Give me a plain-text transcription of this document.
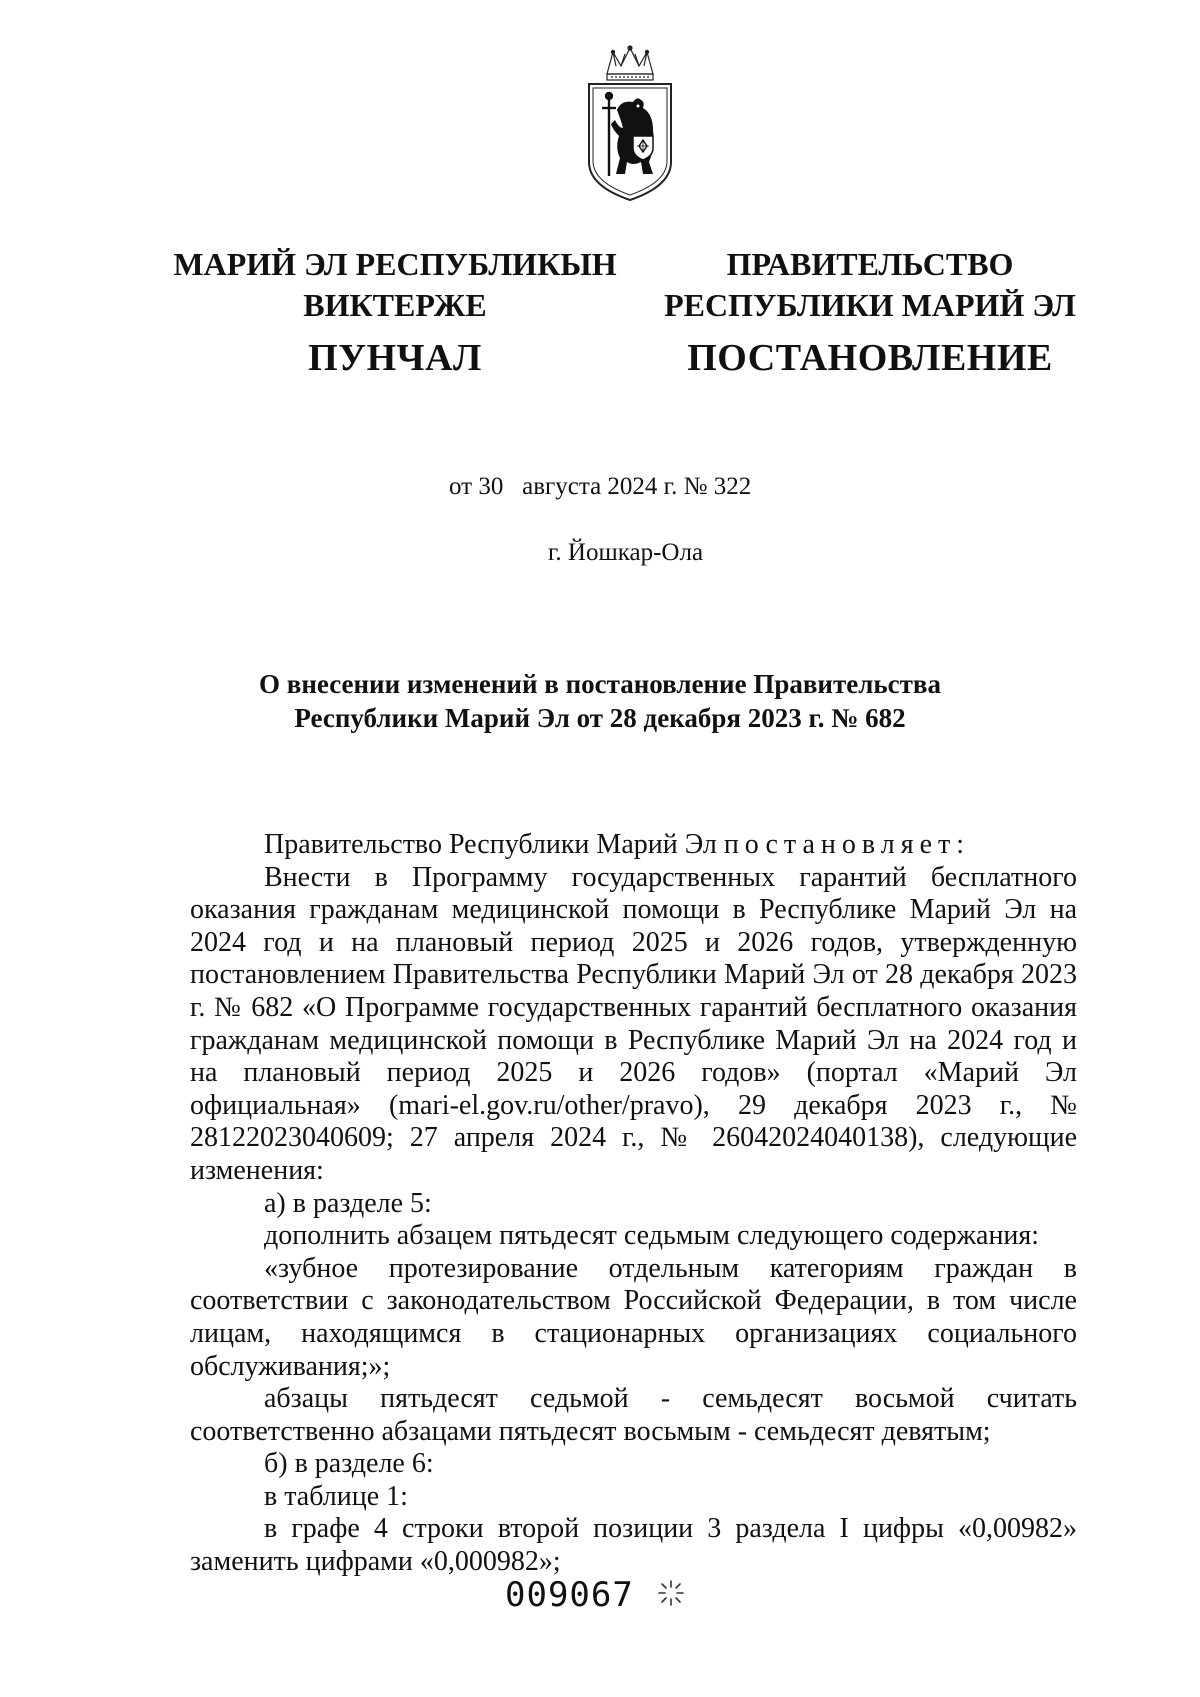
МАРИЙ ЭЛ РЕСПУБЛИКЫН
ВИКТЕРЖЕ
ПУНЧАЛ
ПРАВИТЕЛЬСТВО
РЕСПУБЛИКИ МАРИЙ ЭЛ
ПОСТАНОВЛЕНИЕ
от 30   августа 2024 г. № 322
г. Йошкар-Ола
О внесении изменений в постановление Правительства
Республики Марий Эл от 28 декабря 2023 г. № 682

Правительство Республики Марий Эл постановляет:

Внести в Программу государственных гарантий бесплатного оказания гражданам медицинской помощи в Республике Марий Эл на 2024 год и на плановый период 2025 и 2026 годов, утвержденную постановлением Правительства Республики Марий Эл от 28 декабря 2023 г. № 682 «О Программе государственных гарантий бесплатного оказания гражданам медицинской помощи в Республике Марий Эл на 2024 год и на плановый период 2025 и 2026 годов» (портал «Марий Эл официальная» (mari-el.gov.ru/other/pravo), 29 декабря 2023 г., № 28122023040609; 27 апреля 2024 г., № 26042024040138), следующие изменения:

а) в разделе 5:

дополнить абзацем пятьдесят седьмым следующего содержания:

«зубное протезирование отдельным категориям граждан в соответствии с законодательством Российской Федерации, в том числе лицам, находящимся в стационарных организациях социального обслуживания;»;

абзацы пятьдесят седьмой - семьдесят восьмой считать соответственно абзацами пятьдесят восьмым - семьдесят девятым;

б) в разделе 6:

в таблице 1:

в графе 4 строки второй позиции 3 раздела I цифры «0,00982» заменить цифрами «0,000982»;

009067
